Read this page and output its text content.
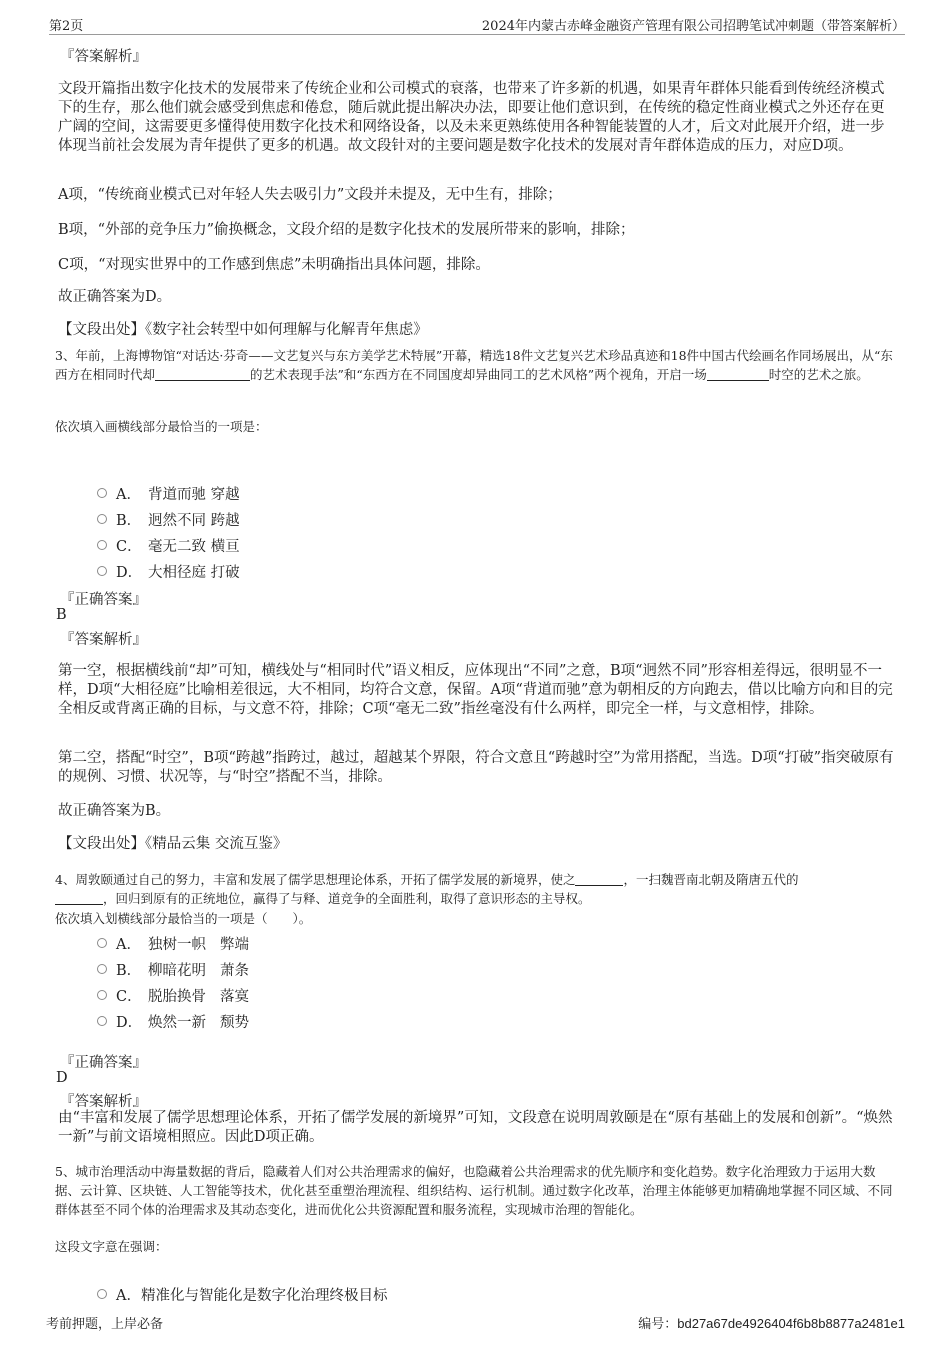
第2页	2024年内蒙古赤峰金融资产管理有限公司招聘笔试冲刺题（带答案解析）
『答案解析』
文段开篇指出数字化技术的发展带来了传统企业和公司模式的衰落，也带来了许多新的机遇，如果青年群体只能看到传统经济模式下的生存，那么他们就会感受到焦虑和倦怠，随后就此提出解决办法，即要让他们意识到，在传统的稳定性商业模式之外还存在更广阔的空间，这需要更多懂得使用数字化技术和网络设备，以及未来更熟练使用各种智能装置的人才，后文对此展开介绍，进一步体现当前社会发展为青年提供了更多的机遇。故文段针对的主要问题是数字化技术的发展对青年群体造成的压力，对应D项。
A项，“传统商业模式已对年轻人失去吸引力”文段并未提及，无中生有，排除；
B项，“外部的竞争压力”偷换概念，文段介绍的是数字化技术的发展所带来的影响，排除；
C项，“对现实世界中的工作感到焦虑”未明确指出具体问题，排除。
故正确答案为D。
【文段出处】《数字社会转型中如何理解与化解青年焦虑》
3、年前，上海博物馆“对话达·芬奇——文艺复兴与东方美学艺术特展”开幕，精选18件文艺复兴艺术珍品真迹和18件中国古代绘画名作同场展出，从“东西方在相同时代却	的艺术表现手法”和“东西方在不同国度却异曲同工的艺术风格”两个视角，开启一场	时空的艺术之旅。
依次填入画横线部分最恰当的一项是：
A． 背道而驰 穿越
B． 迥然不同 跨越
C． 毫无二致 横亘
D． 大相径庭 打破
『正确答案』
B
『答案解析』
第一空，根据横线前“却”可知，横线处与“相同时代”语义相反，应体现出“不同”之意，B项“迥然不同”形容相差得远，很明显不一样，D项“大相径庭”比喻相差很远，大不相同，均符合文意，保留。A项“背道而驰”意为朝相反的方向跑去，借以比喻方向和目的完全相反或背离正确的目标，与文意不符，排除；C项“毫无二致”指丝毫没有什么两样，即完全一样，与文意相悖，排除。
第二空，搭配“时空”，B项“跨越”指跨过，越过，超越某个界限，符合文意且“跨越时空”为常用搭配，当选。D项“打破”指突破原有的规例、习惯、状况等，与“时空”搭配不当，排除。
故正确答案为B。
【文段出处】《精品云集 交流互鉴》
4、周敦颐通过自己的努力，丰富和发展了儒学思想理论体系，开拓了儒学发展的新境界，使之	，一扫魏晋南北朝及隋唐五代的
，回归到原有的正统地位，赢得了与释、道竞争的全面胜利，取得了意识形态的主导权。
依次填入划横线部分最恰当的一项是（　　）。
A． 独树一帜 弊端
B． 柳暗花明 萧条
C． 脱胎换骨 落寞
D． 焕然一新 颓势
『正确答案』
D
『答案解析』
由“丰富和发展了儒学思想理论体系，开拓了儒学发展的新境界”可知，文段意在说明周敦颐是在“原有基础上的发展和创新”。“焕然一新”与前文语境相照应。因此D项正确。
5、城市治理活动中海量数据的背后，隐藏着人们对公共治理需求的偏好，也隐藏着公共治理需求的优先顺序和变化趋势。数字化治理致力于运用大数据、云计算、区块链、人工智能等技术，优化甚至重塑治理流程、组织结构、运行机制。通过数字化改革，治理主体能够更加精确地掌握不同区域、不同群体甚至不同个体的治理需求及其动态变化，进而优化公共资源配置和服务流程，实现城市治理的智能化。
这段文字意在强调：
A．精准化与智能化是数字化治理终极目标
考前押题，上岸必备	编号：bd27a67de4926404f6b8b8877a2481e1
